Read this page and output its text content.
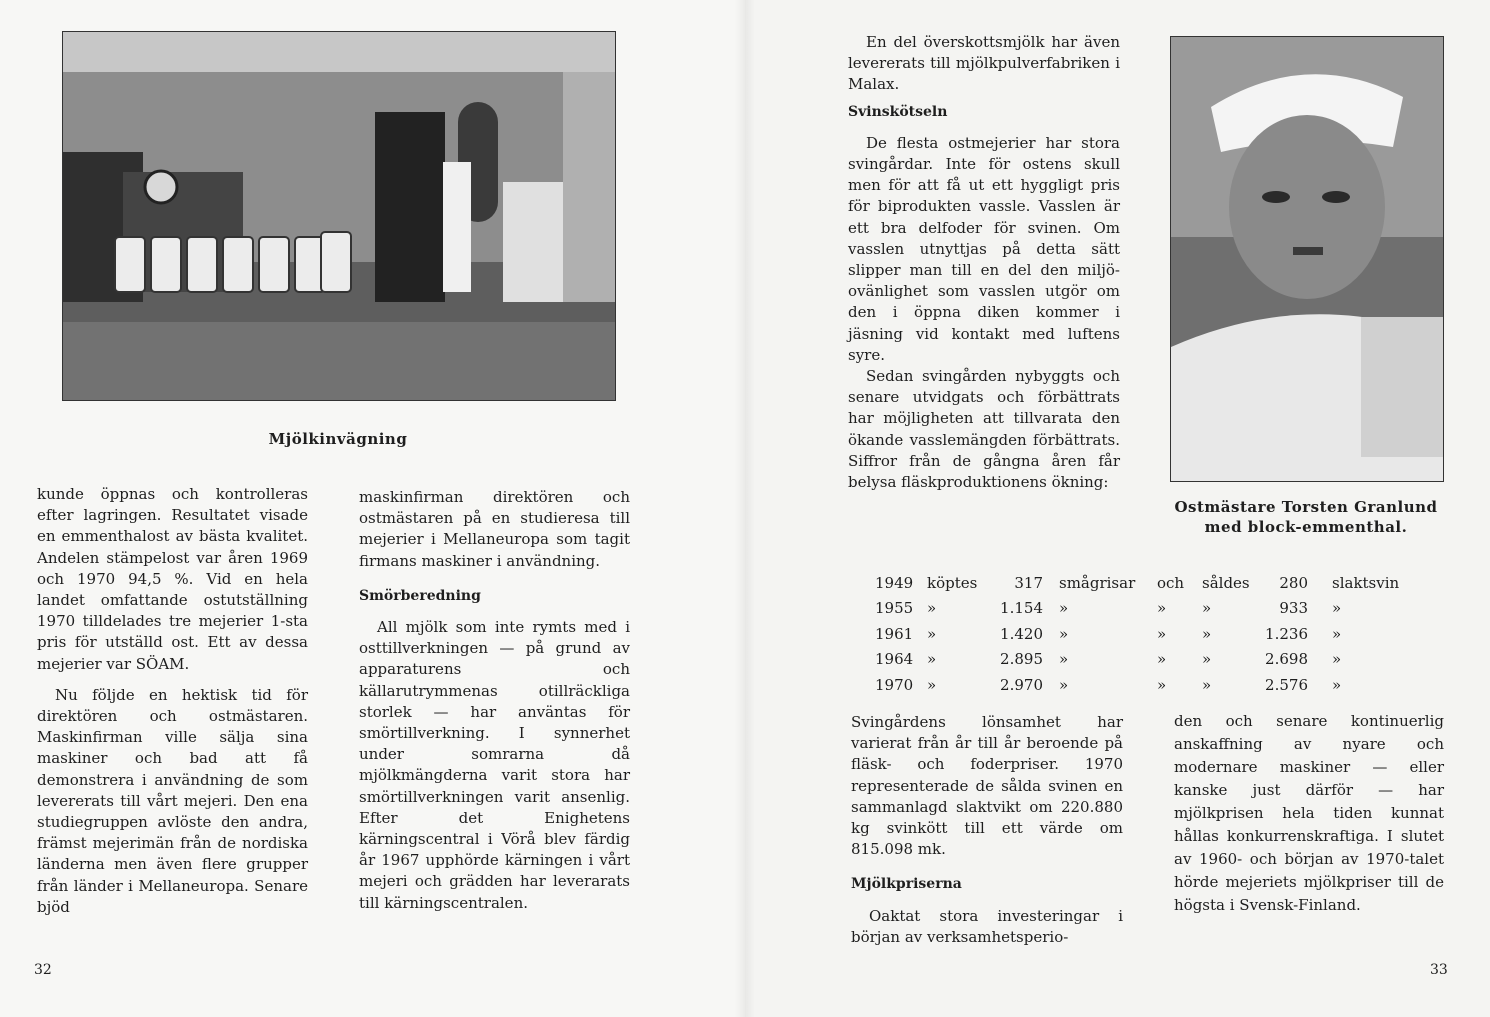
Mjölkinvägning

kunde öppnas och kontrolleras efter lagringen. Resultatet visade en emmenthalost av bästa kvalitet. Andelen stämpelost var åren 1969 och 1970 94,5 %. Vid en hela landet omfattande ostutställning 1970 tilldelades tre mejerier 1-sta pris för utställd ost. Ett av dessa mejerier var SÖAM.

Nu följde en hektisk tid för direktören och ostmästaren. Maskinfirman ville sälja sina maskiner och bad att få demonstrera i användning de som levererats till vårt mejeri. Den ena studiegruppen avlöste den andra, främst mejerimän från de nordiska länderna men även flere grupper från länder i Mellaneuropa. Senare bjöd

maskinfirman direktören och ostmästaren på en studieresa till mejerier i Mellaneuropa som tagit firmans maskiner i användning.

Smörberedning

All mjölk som inte rymts med i osttillverkningen — på grund av apparaturens och källarutrymmenas otillräckliga storlek — har använtas för smörtillverkning. I synnerhet under somrarna då mjölkmängderna varit stora har smörtillverkningen varit ansenlig. Efter det Enighetens kärningscentral i Vörå blev färdig år 1967 upphörde kärningen i vårt mejeri och grädden har leverarats till kärningscentralen.

32

En del överskottsmjölk har även levererats till mjölkpulverfabriken i Malax.

Svinskötseln

De flesta ostmejerier har stora svingårdar. Inte för ostens skull men för att få ut ett hyggligt pris för biprodukten vassle. Vasslen är ett bra delfoder för svinen. Om vasslen utnyttjas på detta sätt slipper man till en del den miljö-ovänlighet som vasslen utgör om den i öppna diken kommer i jäsning vid kontakt med luftens syre.

Sedan svingården nybyggts och senare utvidgats och förbättrats har möjligheten att tillvarata den ökande vasslemängden förbättrats. Siffror från de gångna åren får belysa fläskproduktionens ökning:

Ostmästare Torsten Granlund
med block-emmenthal.
1949	köptes	317	smågrisar	och	såldes	280	slaktsvin
1955	»	1.154	»	»	»	933	»
1961	»	1.420	»	»	»	1.236	»
1964	»	2.895	»	»	»	2.698	»
1970	»	2.970	»	»	»	2.576	»

Svingårdens lönsamhet har varierat från år till år beroende på fläsk- och foderpriser. 1970 representerade de sålda svinen en sammanlagd slaktvikt om 220.880 kg svinkött till ett värde om 815.098 mk.

Mjölkpriserna

Oaktat stora investeringar i början av verksamhetsperio-

den och senare kontinuerlig anskaffning av nyare och modernare maskiner — eller kanske just därför — har mjölkprisen hela tiden kunnat hållas konkurrenskraftiga. I slutet av 1960- och början av 1970-talet hörde mejeriets mjölkpriser till de högsta i Svensk-Finland.

33
